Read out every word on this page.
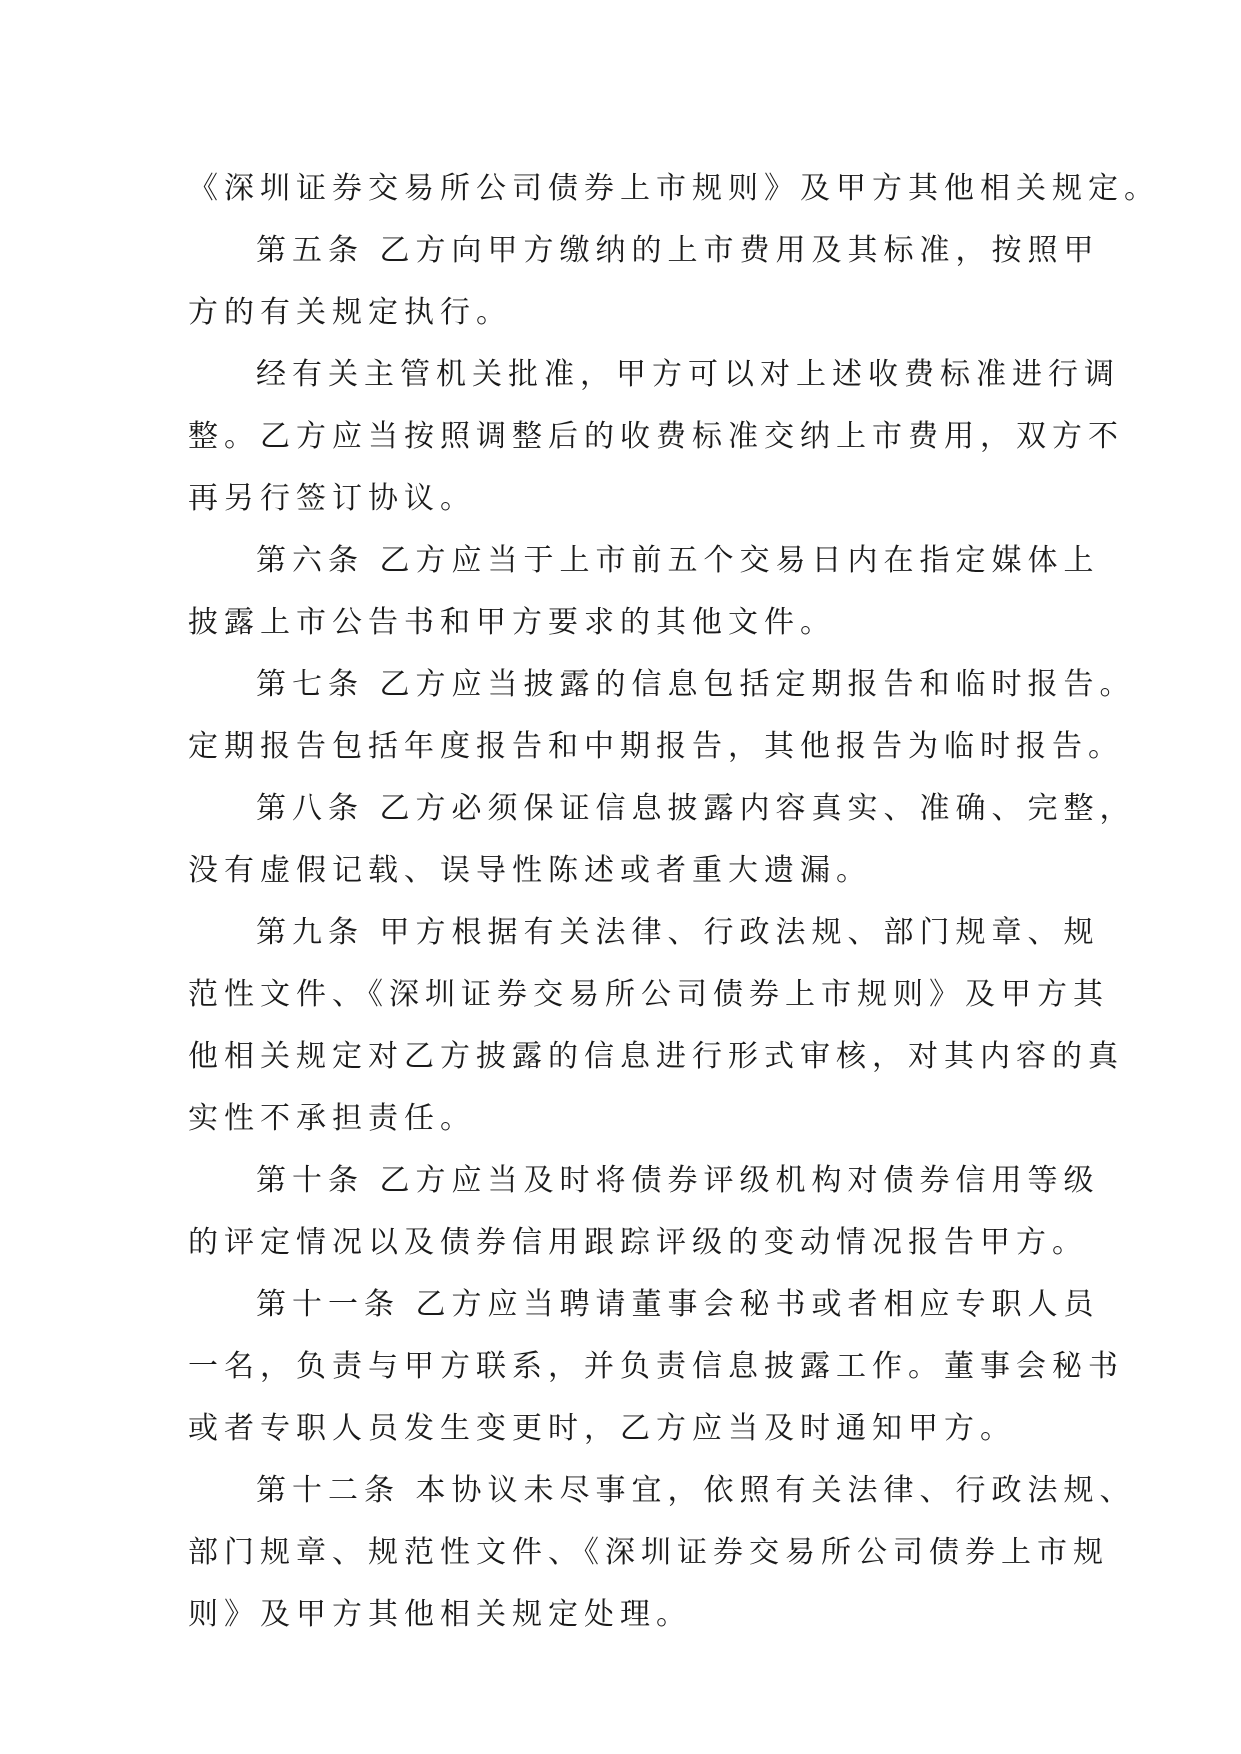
《深圳证券交易所公司债券上市规则》及甲方其他相关规定。
第五条 乙方向甲方缴纳的上市费用及其标准，按照甲
方的有关规定执行。
经有关主管机关批准，甲方可以对上述收费标准进行调
整。乙方应当按照调整后的收费标准交纳上市费用，双方不
再另行签订协议。
第六条 乙方应当于上市前五个交易日内在指定媒体上
披露上市公告书和甲方要求的其他文件。
第七条 乙方应当披露的信息包括定期报告和临时报告。
定期报告包括年度报告和中期报告，其他报告为临时报告。
第八条 乙方必须保证信息披露内容真实、准确、完整，
没有虚假记载、误导性陈述或者重大遗漏。
第九条 甲方根据有关法律、行政法规、部门规章、规
范性文件、《深圳证券交易所公司债券上市规则》及甲方其
他相关规定对乙方披露的信息进行形式审核，对其内容的真
实性不承担责任。
第十条 乙方应当及时将债券评级机构对债券信用等级
的评定情况以及债券信用跟踪评级的变动情况报告甲方。
第十一条 乙方应当聘请董事会秘书或者相应专职人员
一名，负责与甲方联系，并负责信息披露工作。董事会秘书
或者专职人员发生变更时，乙方应当及时通知甲方。
第十二条 本协议未尽事宜，依照有关法律、行政法规、
部门规章、规范性文件、《深圳证券交易所公司债券上市规
则》及甲方其他相关规定处理。
